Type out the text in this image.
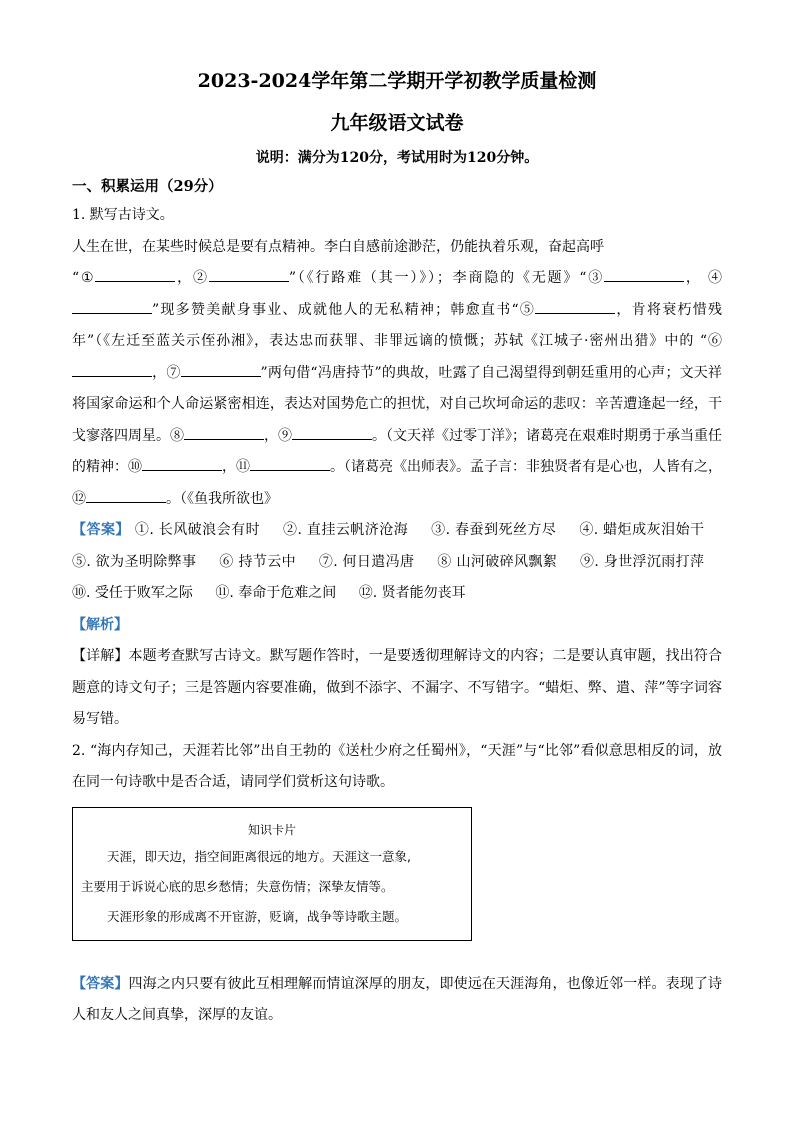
2023-2024学年第二学期开学初教学质量检测
九年级语文试卷
说明：满分为120分，考试用时为120分钟。
一、积累运用（29分）
1. 默写古诗文。
人生在世，在某些时候总是要有点精神。李白自感前途渺茫，仍能执着乐观，奋起高呼
“①	，②	”（《行路难（其一）》）；李商隐的《无题》“③	， ④”现多赞美献身事业、成就他人的无私精神；韩愈直书“⑤	，肯将衰朽惜残年”（《左迁至蓝关示侄孙湘》，表达忠而获罪、非罪远谪的愤慨；苏轼《江城子·密州出猎》中的 “⑥，⑦	”两句借“冯唐持节”的典故，吐露了自己渴望得到朝廷重用的心声；文天祥将国家命运和个人命运紧密相连，表达对国势危亡的担忧，对自己坎坷命运的悲叹：辛苦遭逢起一经，干戈寥落四周星。⑧	，⑨	。（文天祥《过零丁洋》；诸葛亮在艰难时期勇于承当重任的精神：⑩	，⑪	。（诸葛亮《出师表》。孟子言：非独贤者有是心也，人皆有之，⑫	。（《鱼我所欲也》
【答案】 ①. 长风破浪会有时 ②. 直挂云帆济沧海 ③. 春蚕到死丝方尽 ④. 蜡炬成灰泪始干 ⑤. 欲为圣明除弊事 ⑥ 持节云中 ⑦. 何日遣冯唐 ⑧ 山河破碎风飘絮 ⑨. 身世浮沉雨打萍 ⑩. 受任于败军之际 ⑪. 奉命于危难之间 ⑫. 贤者能勿丧耳
【解析】
【详解】本题考查默写古诗文。默写题作答时，一是要透彻理解诗文的内容；二是要认真审题，找出符合题意的诗文句子；三是答题内容要准确，做到不添字、不漏字、不写错字。“蜡炬、弊、遣、萍”等字词容易写错。
2. “海内存知己，天涯若比邻”出自王勃的《送杜少府之任蜀州》，“天涯”与“比邻”看似意思相反的词，放在同一句诗歌中是否合适，请同学们赏析这句诗歌。
知识卡片
天涯，即天边，指空间距离很远的地方。天涯这一意象,
主要用于诉说心底的思乡愁情；失意伤情；深挚友情等。
天涯形象的形成离不开宦游，贬谪，战争等诗歌主题。
【答案】四海之内只要有彼此互相理解而情谊深厚的朋友，即使远在天涯海角，也像近邻一样。表现了诗人和友人之间真挚，深厚的友谊。
